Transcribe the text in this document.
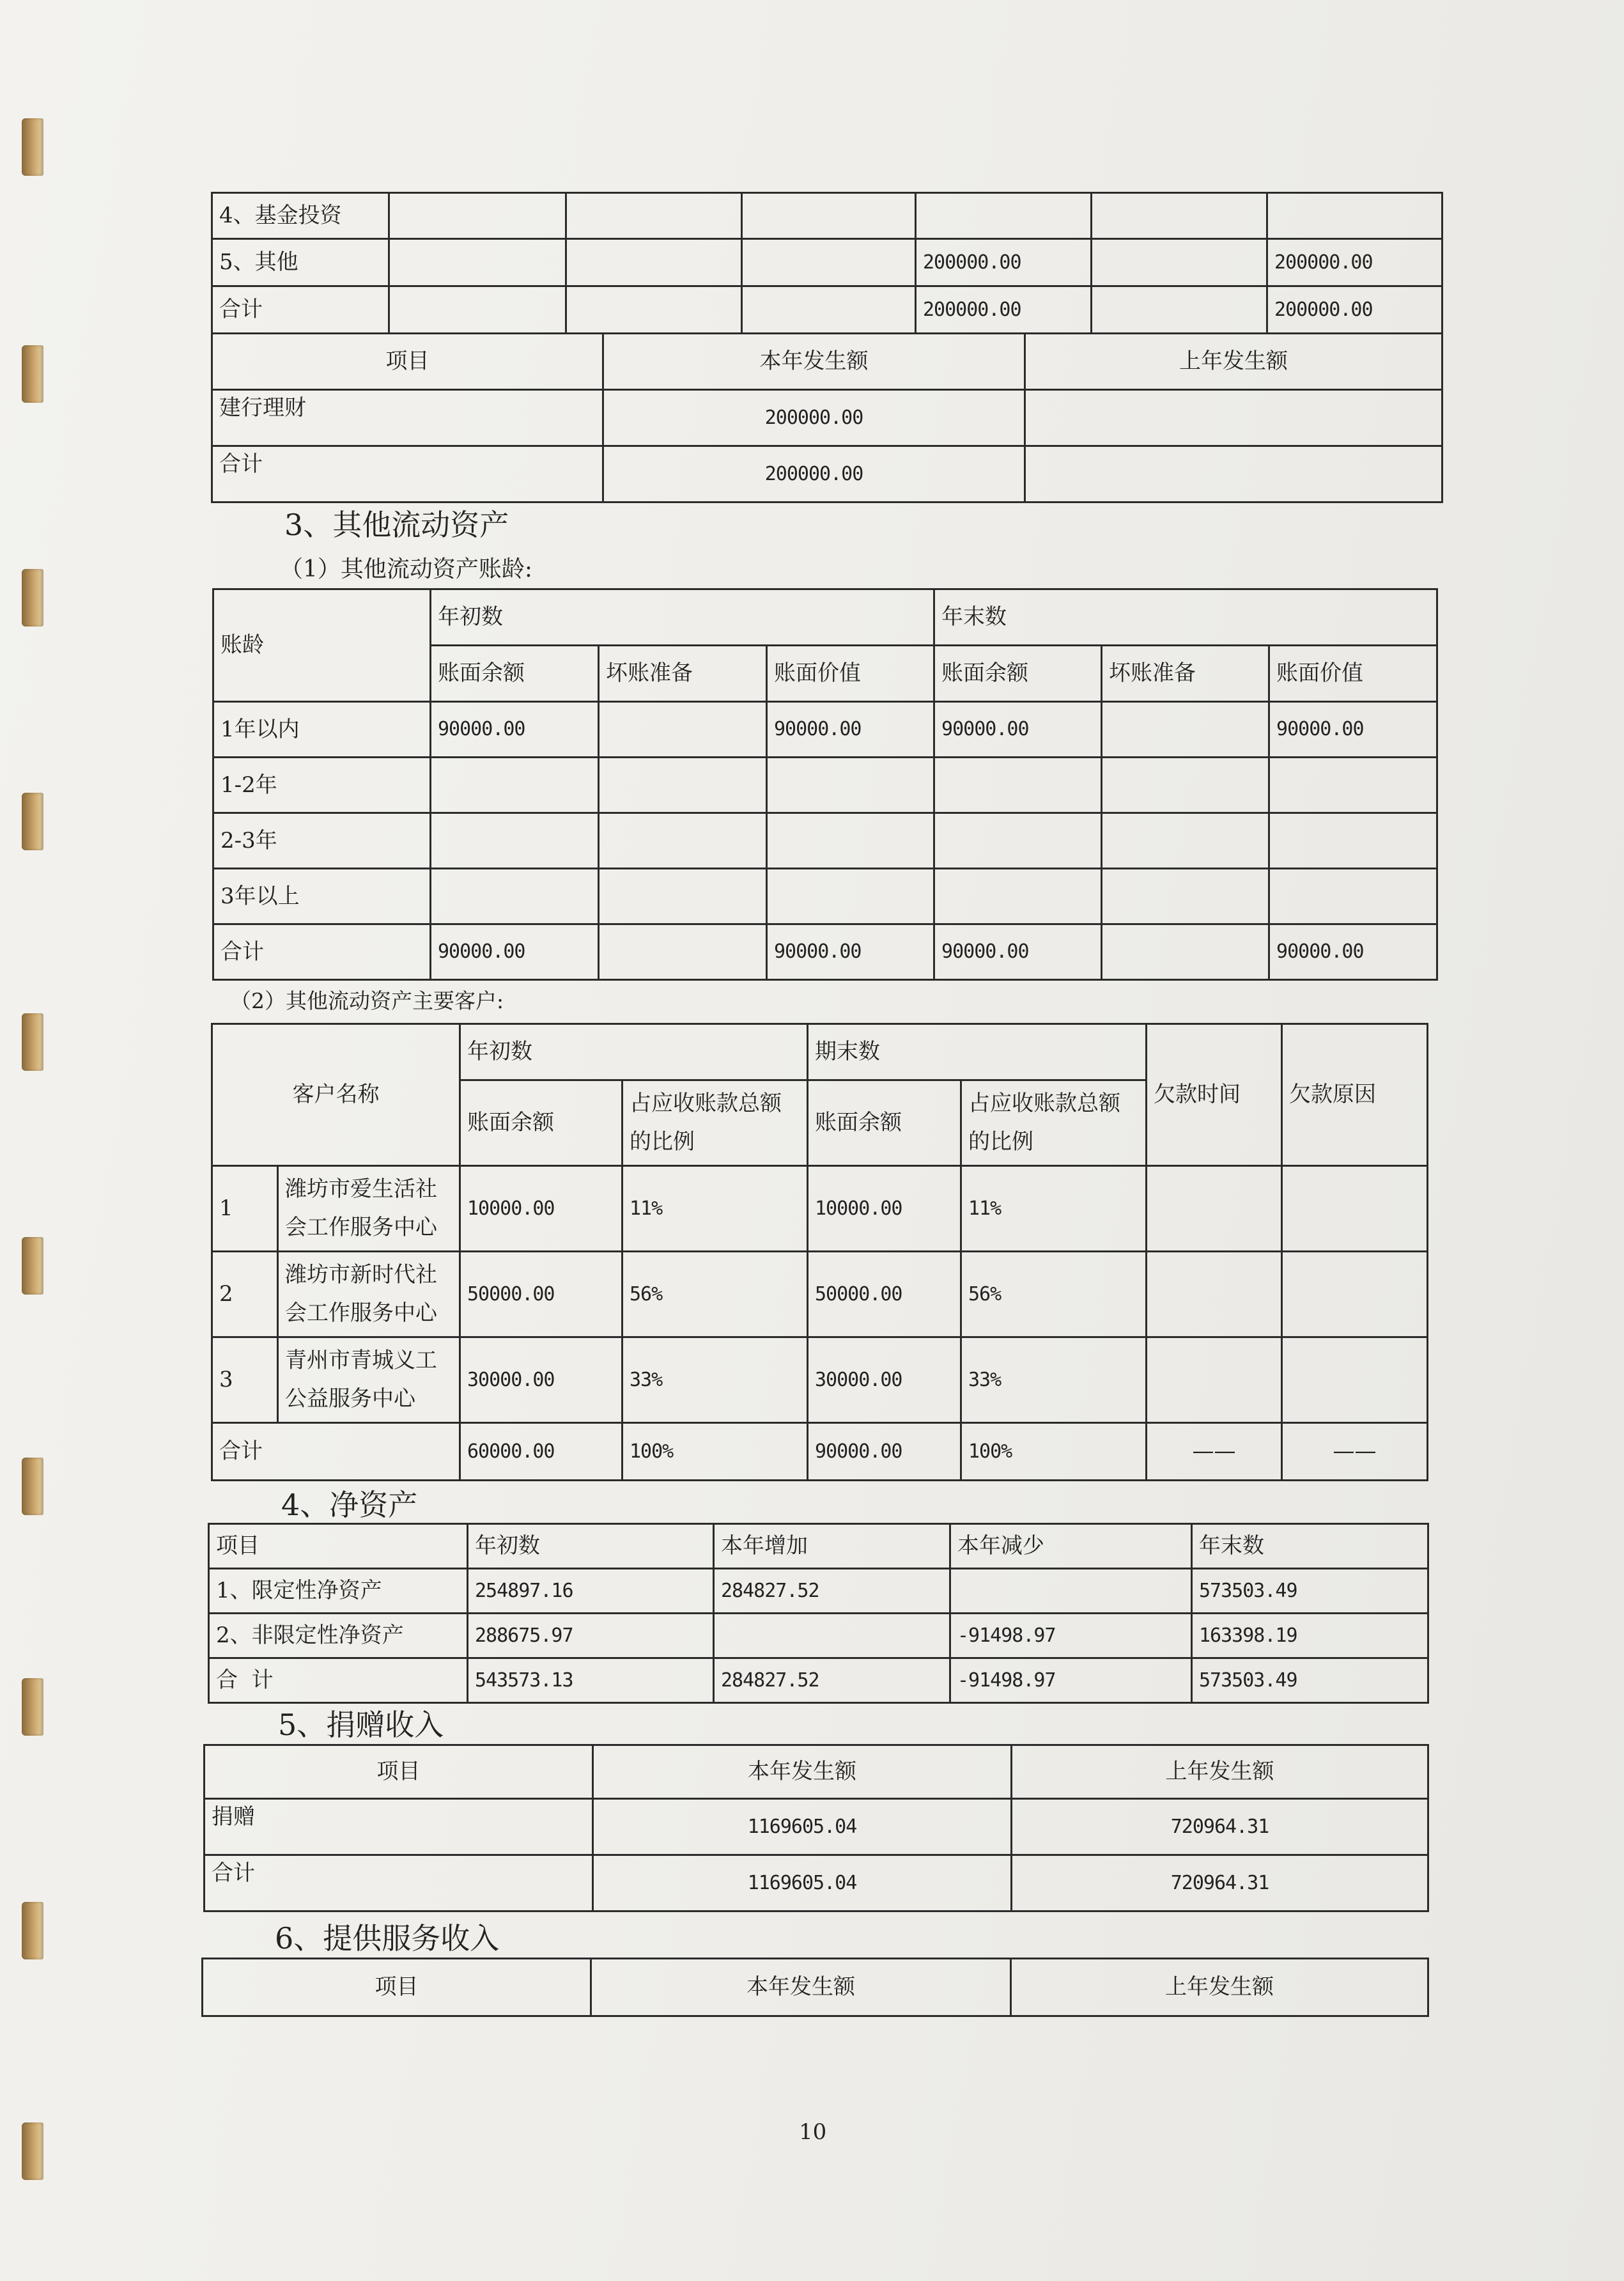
4、基金投资						
5、其他				200000.00		200000.00
合计				200000.00		200000.00
项目	本年发生额	上年发生额
建行理财	200000.00	
合计	200000.00	
3、其他流动资产
（1）其他流动资产账龄:
账龄	年初数			年末数		
	账面余额	坏账准备	账面价值	账面余额	坏账准备	账面价值
1年以内	90000.00		90000.00	90000.00		90000.00
1-2年						
2-3年						
3年以上						
合计	90000.00		90000.00	90000.00		90000.00
（2）其他流动资产主要客户:
客户名称		年初数		期末数		欠款时间	欠款原因
		账面余额	占应收账款总额的比例	账面余额	占应收账款总额的比例		
1	潍坊市爱生活社会工作服务中心	10000.00	11%	10000.00	11%		
2	潍坊市新时代社会工作服务中心	50000.00	56%	50000.00	56%		
3	青州市青城义工公益服务中心	30000.00	33%	30000.00	33%		
合计		60000.00	100%	90000.00	100%	——	——
4、净资产
项目	年初数	本年增加	本年减少	年末数
1、限定性净资产	254897.16	284827.52		573503.49
2、非限定性净资产	288675.97		-91498.97	163398.19
合  计	543573.13	284827.52	-91498.97	573503.49
5、捐赠收入
项目	本年发生额	上年发生额
捐赠	1169605.04	720964.31
合计	1169605.04	720964.31
6、提供服务收入
项目	本年发生额	上年发生额
10
